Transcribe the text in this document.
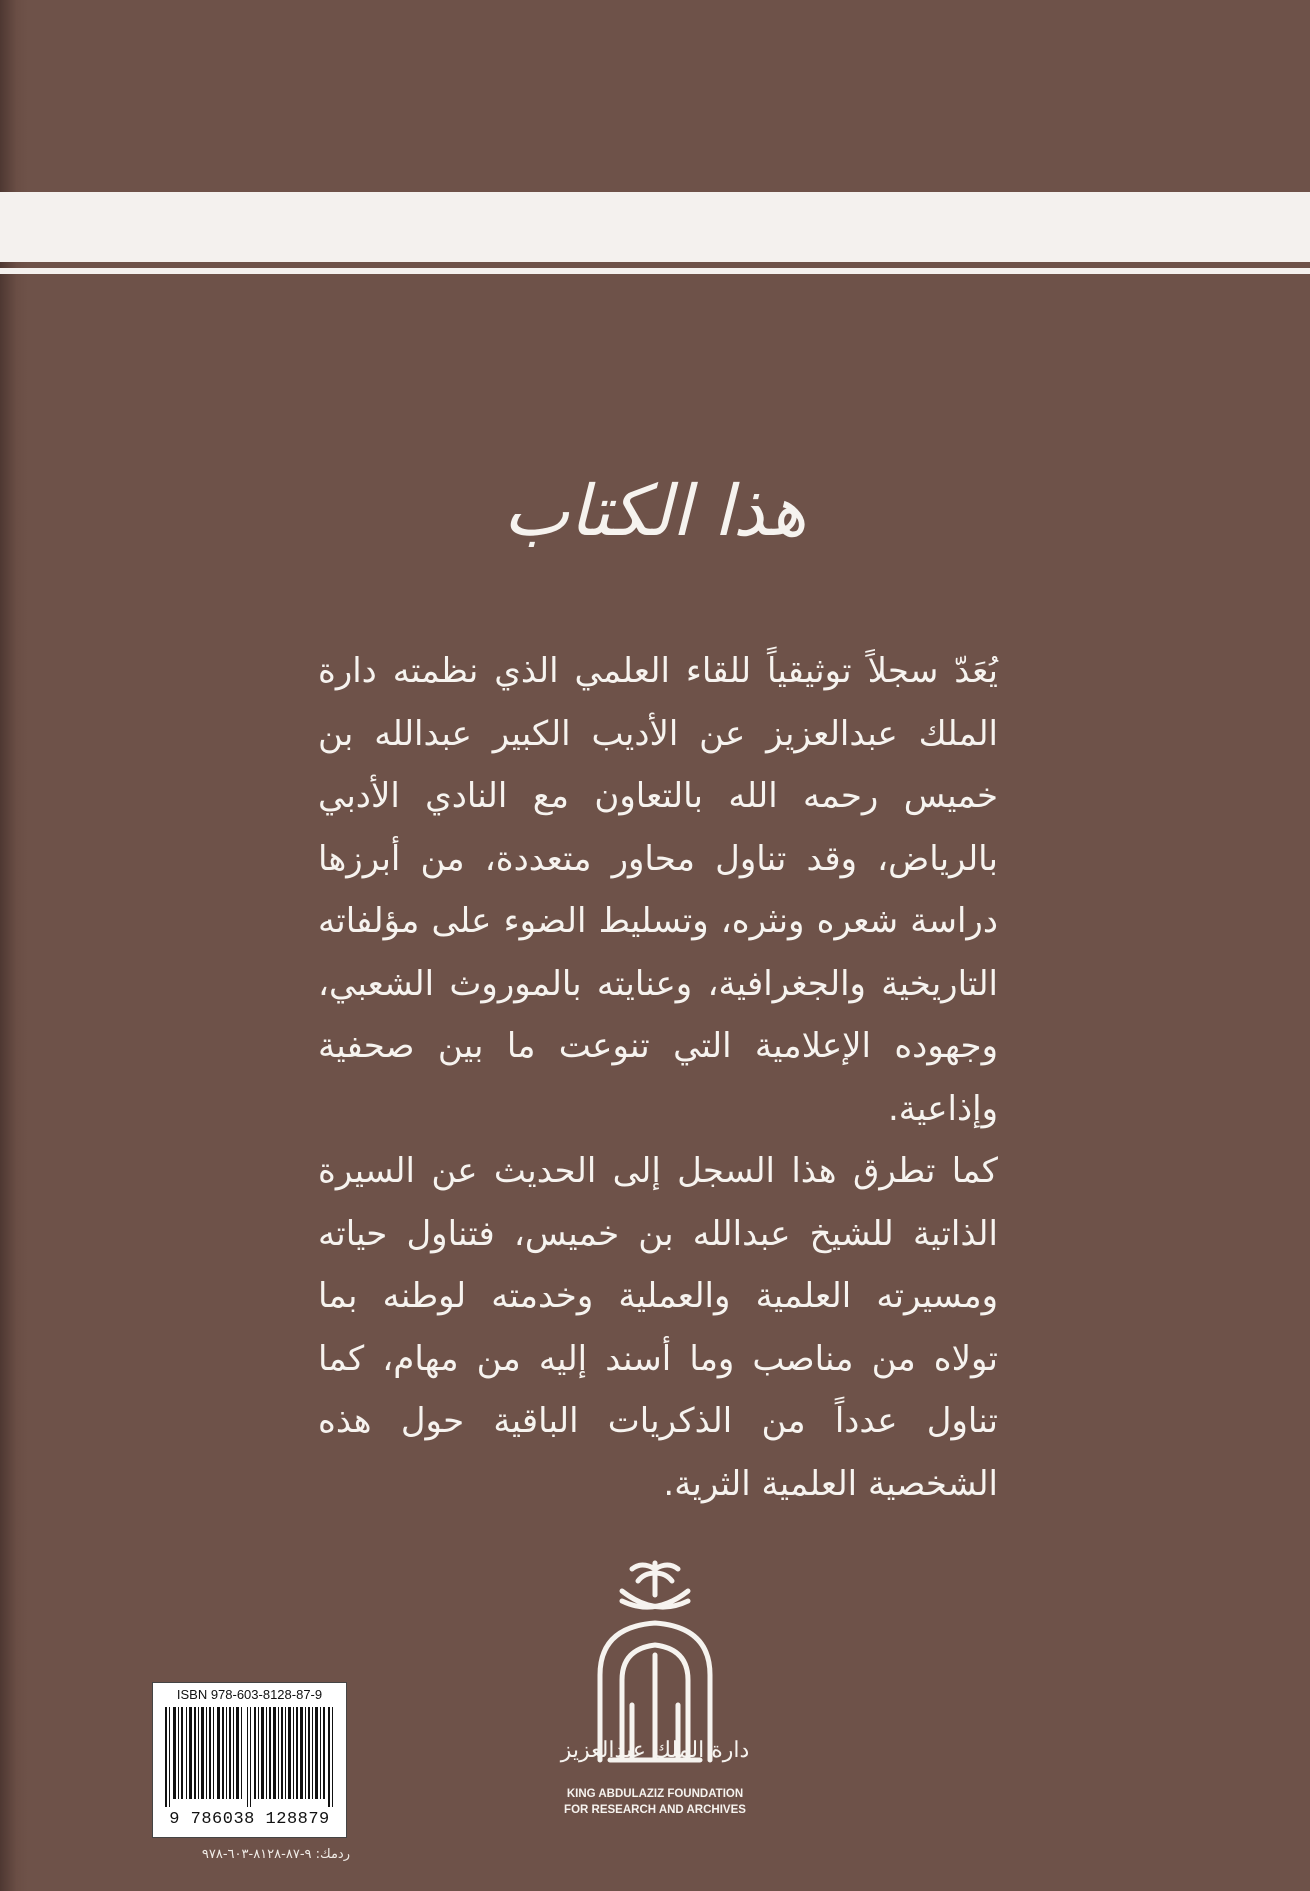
هذا الكتاب

يُعَدّ سجلاً توثيقياً للقاء العلمي الذي نظمته دارة الملك عبدالعزيز عن الأديب الكبير عبدالله بن خميس رحمه الله بالتعاون مع النادي الأدبي بالرياض، وقد تناول محاور متعددة، من أبرزها دراسة شعره ونثره، وتسليط الضوء على مؤلفاته التاريخية والجغرافية، وعنايته بالموروث الشعبي، وجهوده الإعلامية التي تنوعت ما بين صحفية وإذاعية.

كما تطرق هذا السجل إلى الحديث عن السيرة الذاتية للشيخ عبدالله بن خميس، فتناول حياته ومسيرته العلمية والعملية وخدمته لوطنه بما تولاه من مناصب وما أسند إليه من مهام، كما تناول عدداً من الذكريات الباقية حول هذه الشخصية العلمية الثرية.

ISBN 978-603-8128-87-9
9 786038 128879
دارة الملك عبدالعزيز
KING ABDULAZIZ FOUNDATION
FOR RESEARCH AND ARCHIVES
ردمك: ٩-٨٧-٨١٢٨-٦٠٣-٩٧٨
